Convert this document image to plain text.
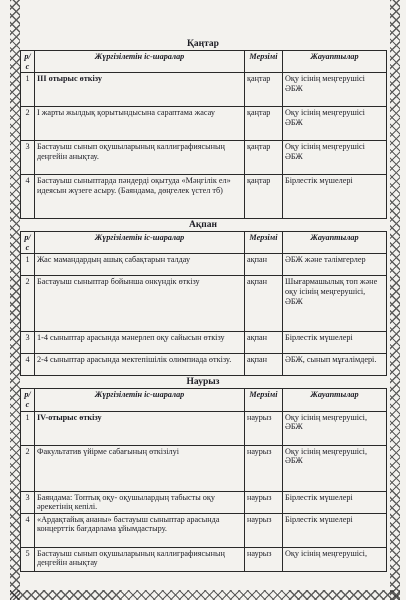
Қаңтар
р/с	Жүргізілетін іс-шаралар	Мерзімі	Жауаптылар
1	ІІІ отырыс өткізу	қаңтар	Оқу ісінің меңгерушісі ӘБЖ
2	І жарты жылдық қорытындысына сараптама жасау	қаңтар	Оқу ісінің меңгерушісі ӘБЖ
3	Бастауыш сынып оқушыларының каллиграфиясының деңгейін анықтау.	қаңтар	Оқу ісінің меңгерушісі ӘБЖ
4	Бастауыш сыныптарда пәндерді оқытуда «Мәңгілік ел» идеясын жүзеге асыру. (Баяндама, дөңгелек үстел тб)	қаңтар	Бірлестік мүшелері
Ақпан
р/с	Жүргізілетін іс-шаралар	Мерзімі	Жауаптылар
1	Жас мамандардың ашық сабақтарын талдау	ақпан	ӘБЖ және тәлімгерлер
2	Бастауыш сыныптар бойынша онкүндік өткізу	ақпан	Шығармашылық топ және оқу ісінің меңгерушісі, ӘБЖ
3	1-4 сыныптар арасында мәнерлеп оқу сайысын өткізу	ақпан	Бірлестік мүшелері
4	2-4 сыныптар арасында мектепішілік олимпиада өткізу.	ақпан	ӘБЖ, сынып мұғалімдері.
Наурыз
р/с	Жүргізілетін іс-шаралар	Мерзімі	Жауаптылар
1	ІV-отырыс өткізу	наурыз	Оқу ісінің меңгерушісі, ӘБЖ
2	Факультатив үйірме сабағының өткізілуі	наурыз	Оқу ісінің меңгерушісі, ӘБЖ
3	Баяндама: Топтық оқу- оқушылардың табысты оқу әрекетінің кепілі.	наурыз	Бірлестік мүшелері
4	«Ардақтайық ананы» бастауыш сыныптар арасында концерттік бағдарлама ұйымдастыру.	наурыз	Бірлестік мүшелері
5	Бастауыш сынып оқушыларының каллиграфиясының деңгейін анықтау	наурыз	Оқу ісінің меңгерушісі,
